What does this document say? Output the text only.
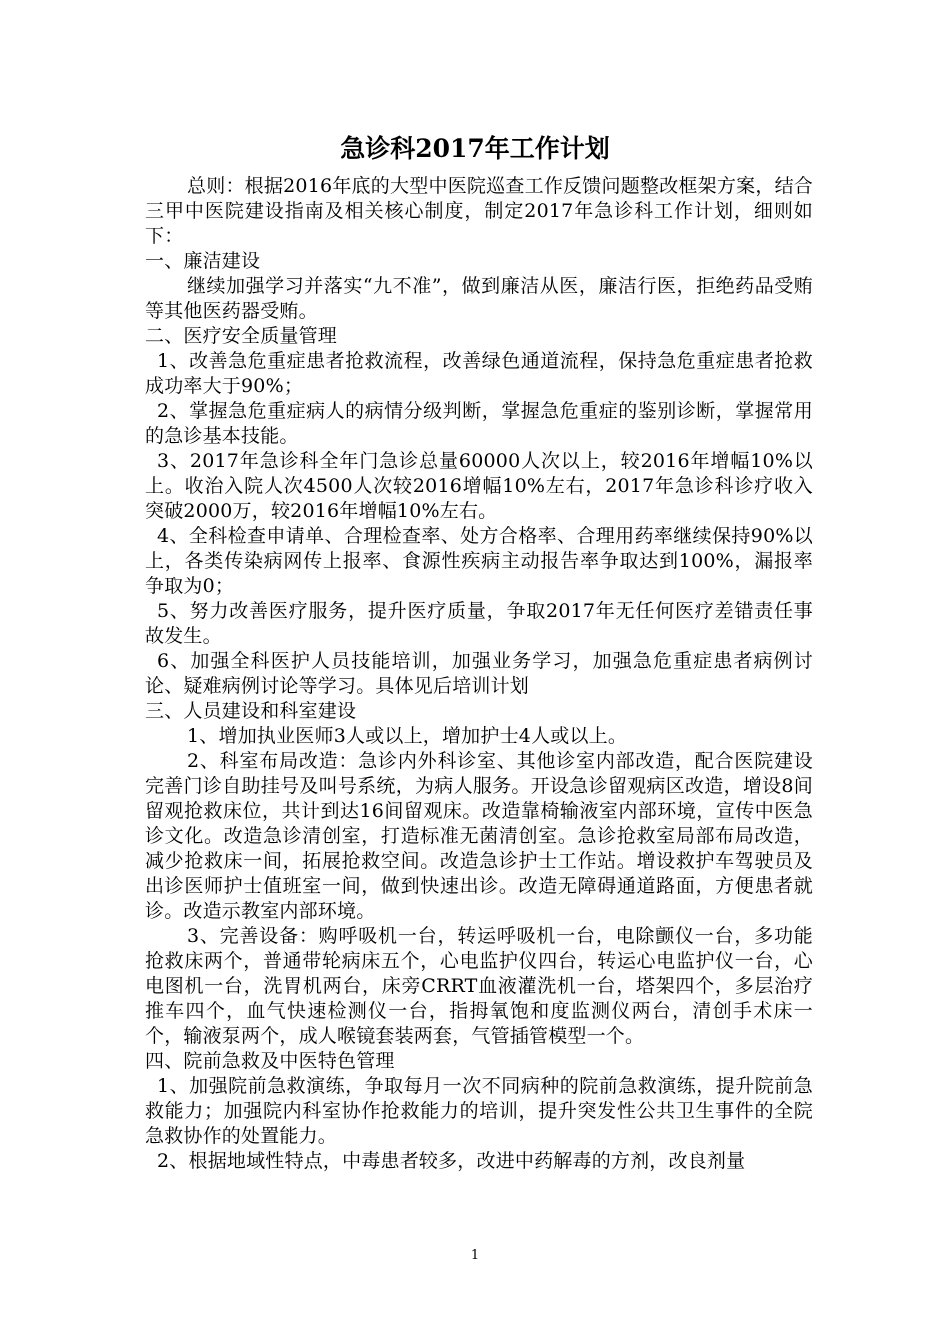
急诊科2017年工作计划

总则：根据2016年底的大型中医院巡查工作反馈问题整改框架方案，结合三甲中医院建设指南及相关核心制度，制定2017年急诊科工作计划，细则如下：

一、廉洁建设

继续加强学习并落实“九不准”，做到廉洁从医，廉洁行医，拒绝药品受贿等其他医药器受贿。

二、医疗安全质量管理

1、改善急危重症患者抢救流程，改善绿色通道流程，保持急危重症患者抢救成功率大于90%；

2、掌握急危重症病人的病情分级判断，掌握急危重症的鉴别诊断，掌握常用的急诊基本技能。

3、2017年急诊科全年门急诊总量60000人次以上，较2016年增幅10%以上。收治入院人次4500人次较2016增幅10%左右，2017年急诊科诊疗收入突破2000万，较2016年增幅10%左右。

4、全科检查申请单、合理检查率、处方合格率、合理用药率继续保持90%以上，各类传染病网传上报率、食源性疾病主动报告率争取达到100%，漏报率争取为0；

5、努力改善医疗服务，提升医疗质量，争取2017年无任何医疗差错责任事故发生。

6、加强全科医护人员技能培训，加强业务学习，加强急危重症患者病例讨论、疑难病例讨论等学习。具体见后培训计划

三、人员建设和科室建设

1、增加执业医师3人或以上，增加护士4人或以上。

2、科室布局改造：急诊内外科诊室、其他诊室内部改造，配合医院建设完善门诊自助挂号及叫号系统，为病人服务。开设急诊留观病区改造，增设8间留观抢救床位，共计到达16间留观床。改造靠椅输液室内部环境，宣传中医急诊文化。改造急诊清创室，打造标准无菌清创室。急诊抢救室局部布局改造，减少抢救床一间，拓展抢救空间。改造急诊护士工作站。增设救护车驾驶员及出诊医师护士值班室一间，做到快速出诊。改造无障碍通道路面，方便患者就诊。改造示教室内部环境。

3、完善设备：购呼吸机一台，转运呼吸机一台，电除颤仪一台，多功能抢救床两个，普通带轮病床五个，心电监护仪四台，转运心电监护仪一台，心电图机一台，洗胃机两台，床旁CRRT血液灌洗机一台，塔架四个，多层治疗推车四个，血气快速检测仪一台，指拇氧饱和度监测仪两台，清创手术床一个，输液泵两个，成人喉镜套装两套，气管插管模型一个。

四、院前急救及中医特色管理

1、加强院前急救演练，争取每月一次不同病种的院前急救演练，提升院前急救能力；加强院内科室协作抢救能力的培训，提升突发性公共卫生事件的全院急救协作的处置能力。

2、根据地域性特点，中毒患者较多，改进中药解毒的方剂，改良剂量

1
